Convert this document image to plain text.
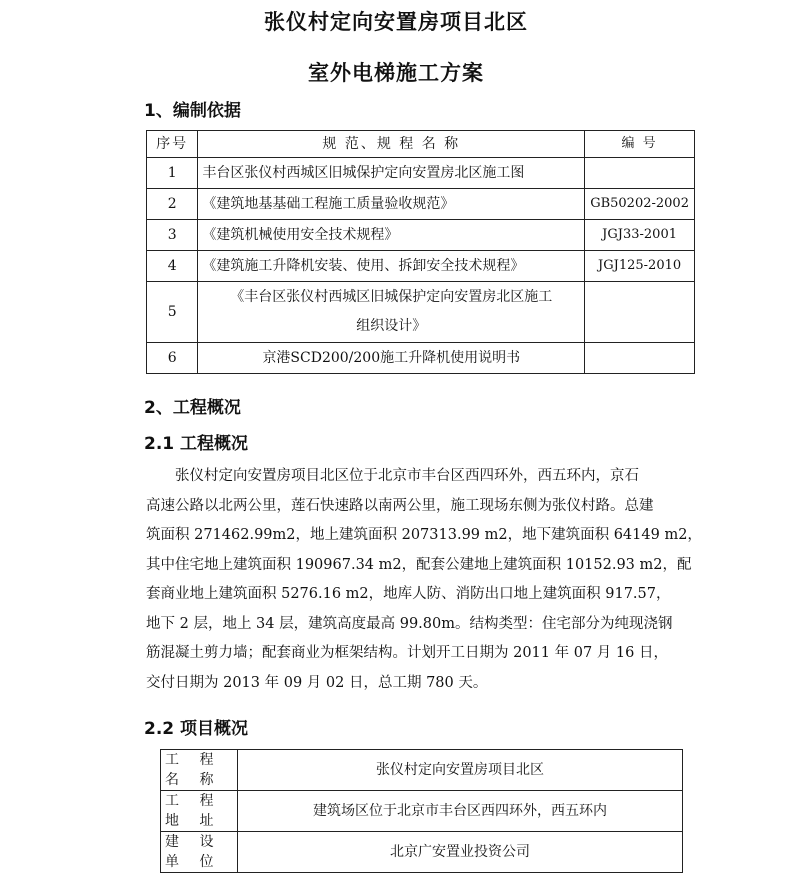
张仪村定向安置房项目北区
室外电梯施工方案
1、编制依据
序号	规 范、规 程 名 称	编 号
1	丰台区张仪村西城区旧城保护定向安置房北区施工图	
2	《建筑地基基础工程施工质量验收规范》	GB50202-2002
3	《建筑机械使用安全技术规程》	JGJ33-2001
4	《建筑施工升降机安装、使用、拆卸安全技术规程》	JGJ125-2010
5	《丰台区张仪村西城区旧城保护定向安置房北区施工
组织设计》	

6	京港SCD200/200施工升降机使用说明书	
2、工程概况
2.1 工程概况
张仪村定向安置房项目北区位于北京市丰台区西四环外，西五环内，京石
高速公路以北两公里，莲石快速路以南两公里，施工现场东侧为张仪村路。总建
筑面积 271462.99m2，地上建筑面积 207313.99 m2，地下建筑面积 64149 m2，
其中住宅地上建筑面积 190967.34 m2，配套公建地上建筑面积 10152.93 m2，配
套商业地上建筑面积 5276.16 m2，地库人防、消防出口地上建筑面积 917.57，
地下 2 层，地上 34 层，建筑高度最高 99.80m。结构类型：住宅部分为纯现浇钢
筋混凝土剪力墙；配套商业为框架结构。计划开工日期为 2011 年 07 月 16 日，
交付日期为 2013 年 09 月 02 日，总工期 780 天。
2.2 项目概况
工 程 名 称	张仪村定向安置房项目北区
工 程 地 址	建筑场区位于北京市丰台区西四环外，西五环内
建 设 单 位	北京广安置业投资公司
